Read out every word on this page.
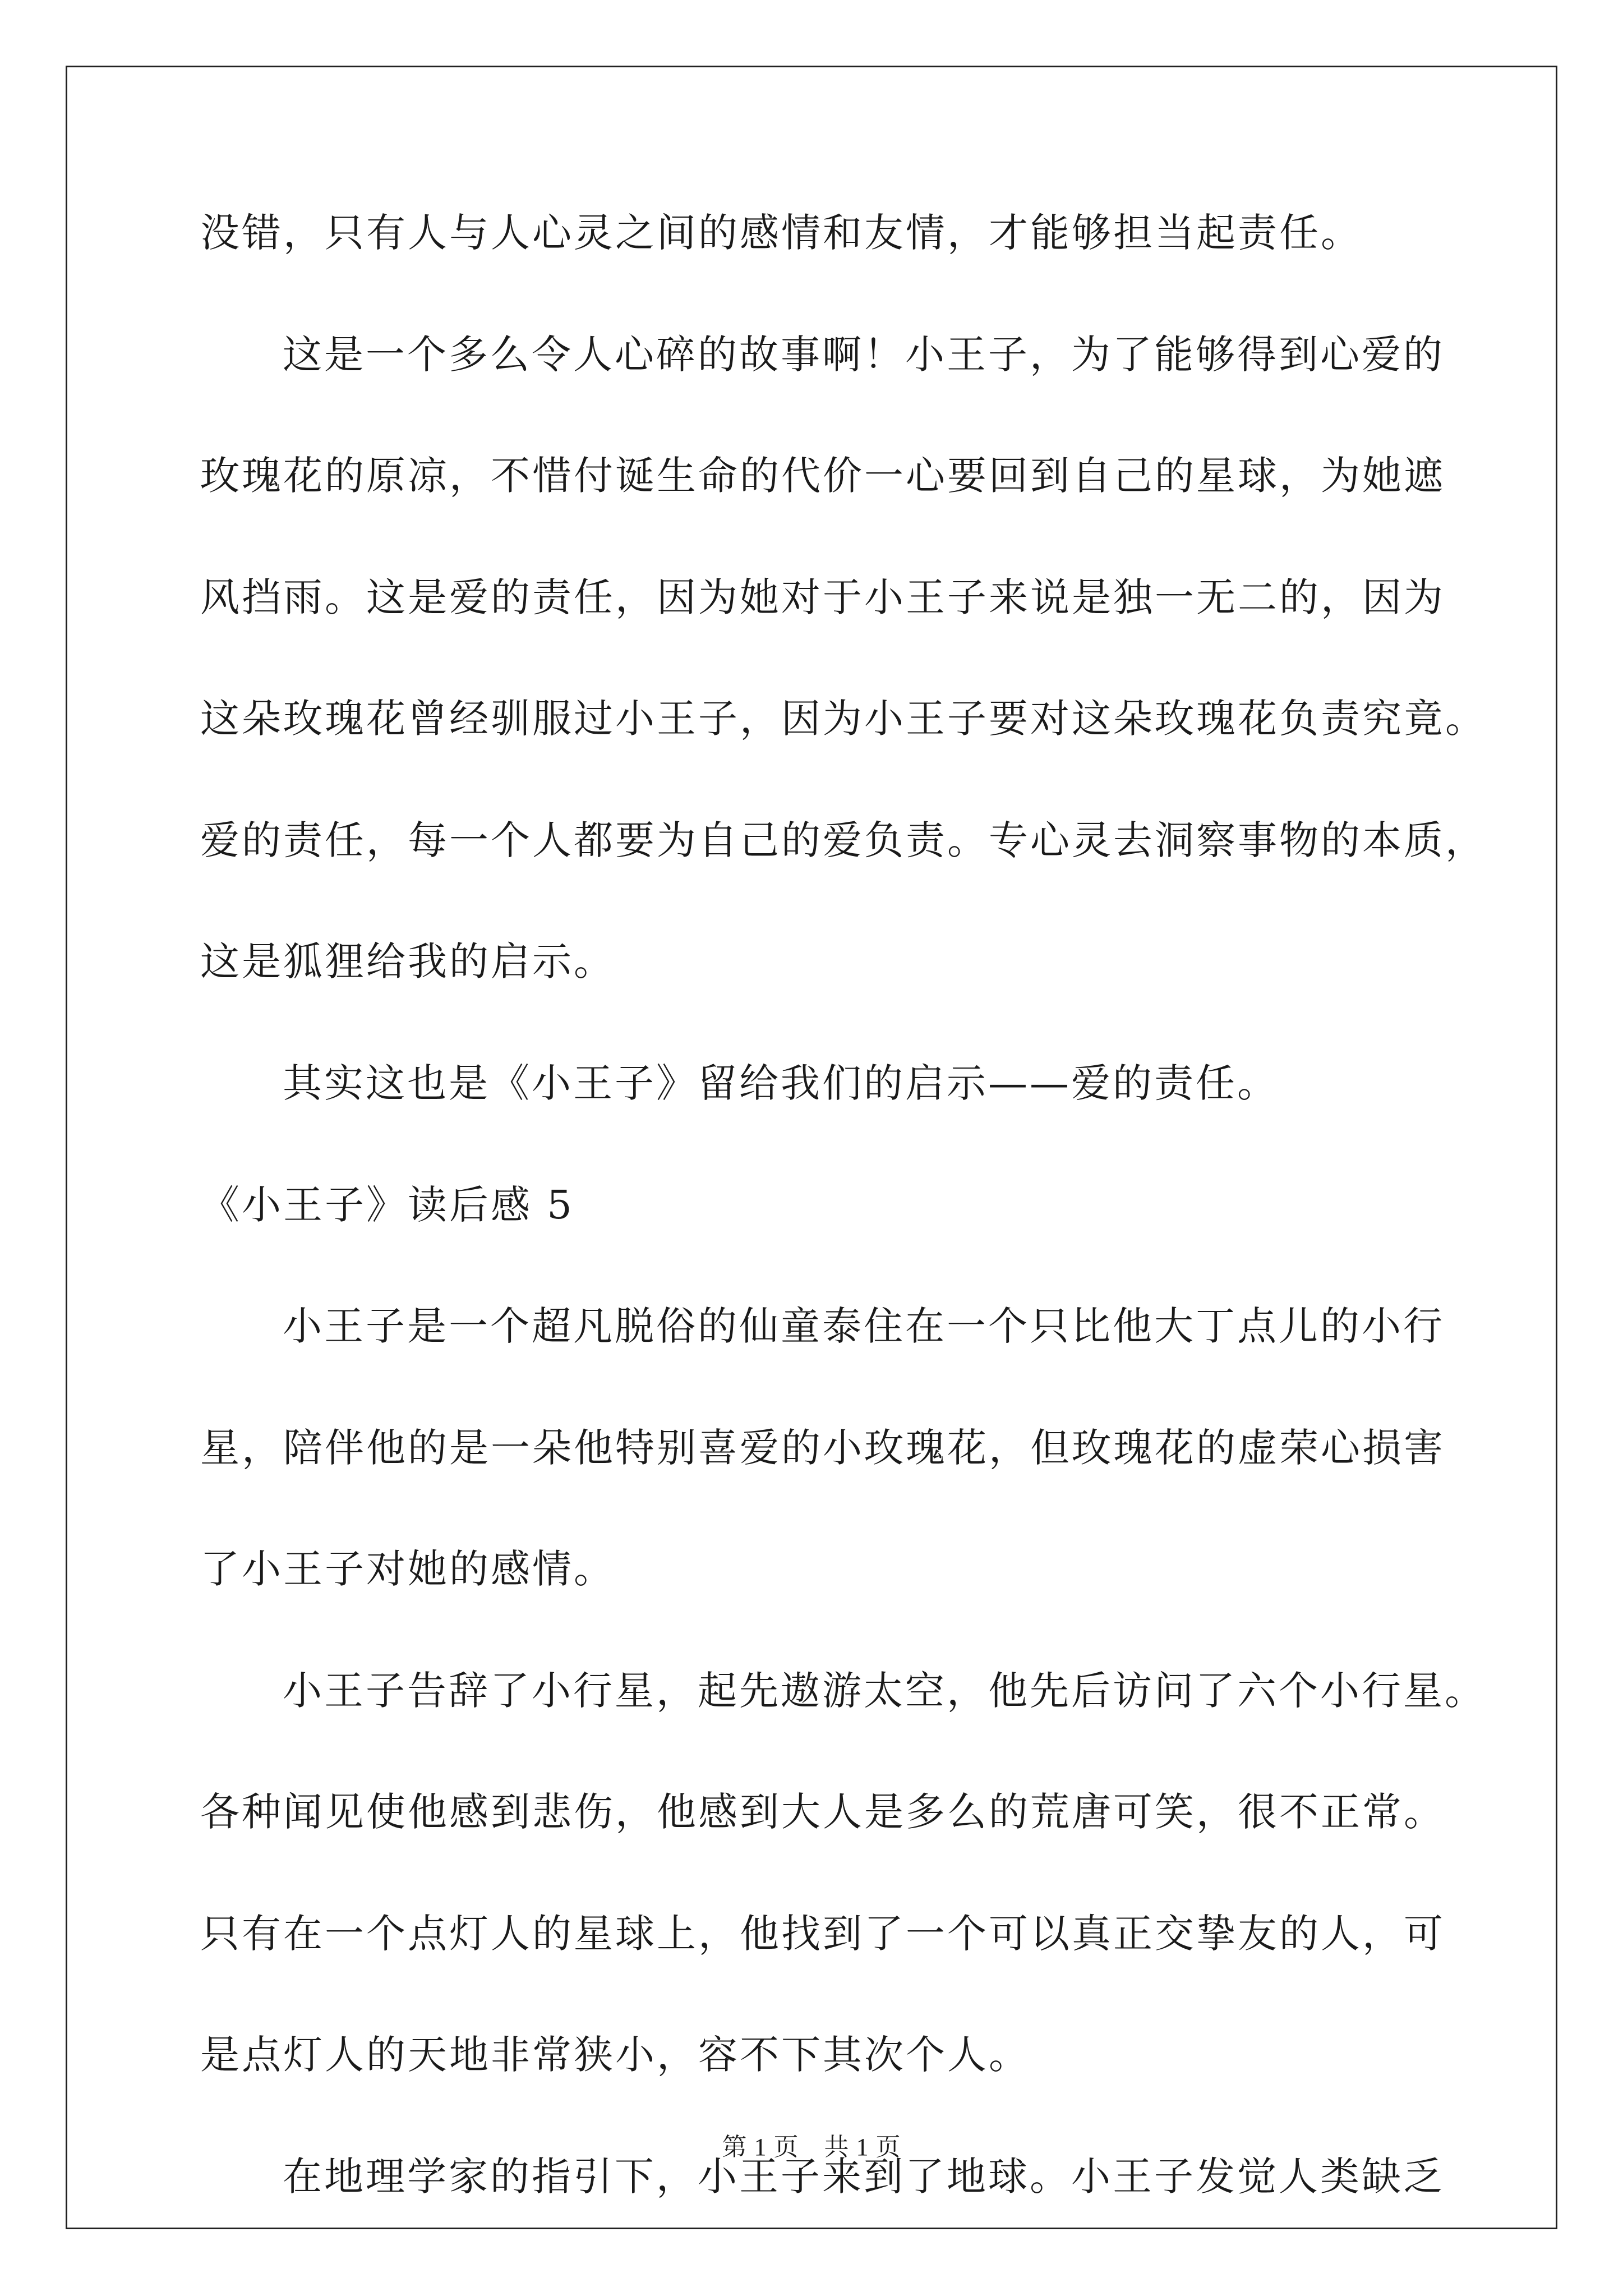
没错，只有人与人心灵之间的感情和友情，才能够担当起责任。
这是一个多么令人心碎的故事啊！小王子，为了能够得到心爱的
玫瑰花的原凉，不惜付诞生命的代价一心要回到自己的星球，为她遮
风挡雨。这是爱的责任，因为她对于小王子来说是独一无二的，因为
这朵玫瑰花曾经驯服过小王子，因为小王子要对这朵玫瑰花负责究竟。
爱的责任，每一个人都要为自己的爱负责。专心灵去洞察事物的本质，
这是狐狸给我的启示。
其实这也是《小王子》留给我们的启示——爱的责任。
《小王子》读后感 5
小王子是一个超凡脱俗的仙童泰住在一个只比他大丁点儿的小行
星，陪伴他的是一朵他特别喜爱的小玫瑰花，但玫瑰花的虚荣心损害
了小王子对她的感情。
小王子告辞了小行星，起先遨游太空，他先后访问了六个小行星。
各种闻见使他感到悲伤，他感到大人是多么的荒唐可笑，很不正常。
只有在一个点灯人的星球上，他找到了一个可以真正交挚友的人，可
是点灯人的天地非常狭小，容不下其次个人。
在地理学家的指引下，小王子来到了地球。小王子发觉人类缺乏
第 1 页　共 1 页
